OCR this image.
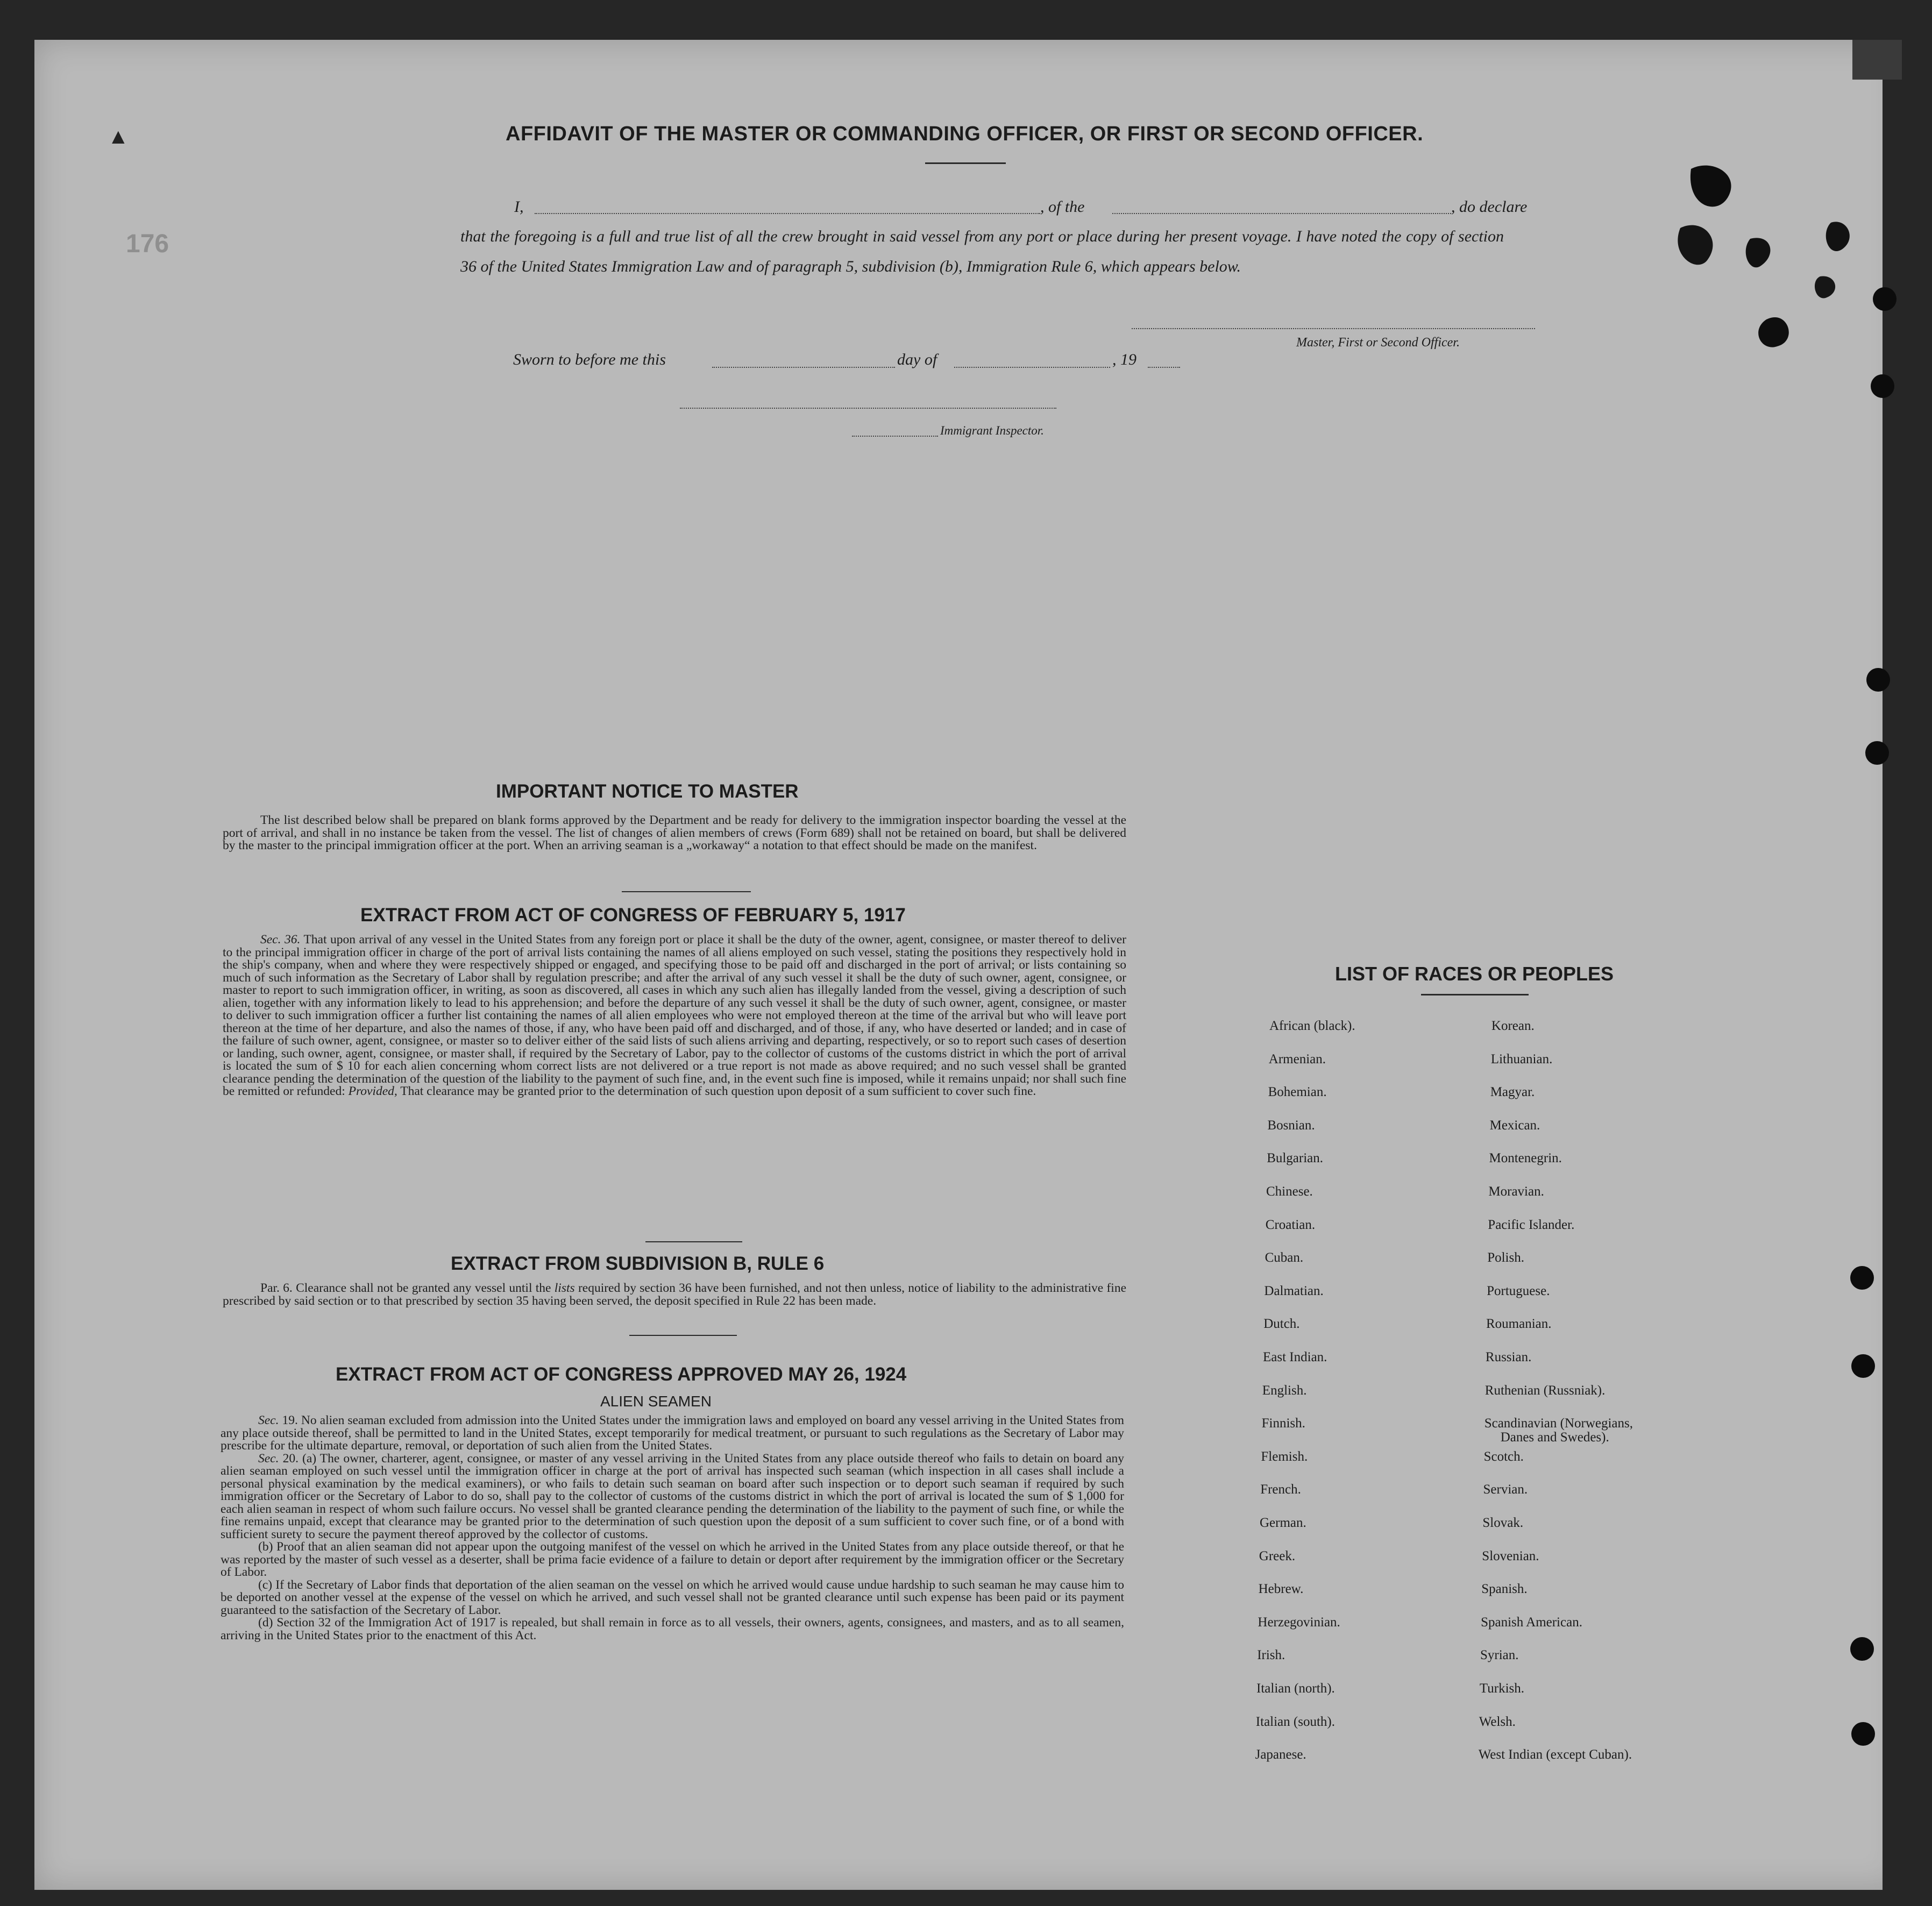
▲
176
AFFIDAVIT OF THE MASTER OR COMMANDING OFFICER, OR FIRST OR SECOND OFFICER.
I,	, of the	, do declare
that the foregoing is a full and true list of all the crew brought in said vessel from any port or place during her present voyage. I have noted the copy of section 36 of the United States Immigration Law and of paragraph 5, subdivision (b), Immigration Rule 6, which appears below.
Master, First or Second Officer.
Sworn to before me this	day of	, 19
Immigrant Inspector.
IMPORTANT NOTICE TO MASTER

The list described below shall be prepared on blank forms approved by the Department and be ready for delivery to the immigration inspector boarding the vessel at the port of arrival, and shall in no instance be taken from the vessel. The list of changes of alien members of crews (Form 689) shall not be retained on board, but shall be delivered by the master to the principal immigration officer at the port. When an arriving seaman is a „workaway“ a notation to that effect should be made on the manifest.

EXTRACT FROM ACT OF CONGRESS OF FEBRUARY 5, 1917

Sec. 36. That upon arrival of any vessel in the United States from any foreign port or place it shall be the duty of the owner, agent, consignee, or master thereof to deliver to the principal immigration officer in charge of the port of arrival lists containing the names of all aliens employed on such vessel, stating the positions they respectively hold in the ship's company, when and where they were respectively shipped or engaged, and specifying those to be paid off and discharged in the port of arrival; or lists containing so much of such information as the Secretary of Labor shall by regulation prescribe; and after the arrival of any such vessel it shall be the duty of such owner, agent, consignee, or master to report to such immigration officer, in writing, as soon as discovered, all cases in which any such alien has illegally landed from the vessel, giving a description of such alien, together with any information likely to lead to his apprehension; and before the departure of any such vessel it shall be the duty of such owner, agent, consignee, or master to deliver to such immigration officer a further list containing the names of all alien employees who were not employed thereon at the time of the arrival but who will leave port thereon at the time of her departure, and also the names of those, if any, who have been paid off and discharged, and of those, if any, who have deserted or landed; and in case of the failure of such owner, agent, consignee, or master so to deliver either of the said lists of such aliens arriving and departing, respectively, or so to report such cases of desertion or landing, such owner, agent, consignee, or master shall, if required by the Secretary of Labor, pay to the collector of customs of the customs district in which the port of arrival is located the sum of $ 10 for each alien concerning whom correct lists are not delivered or a true report is not made as above required; and no such vessel shall be granted clearance pending the determination of the question of the liability to the payment of such fine, and, in the event such fine is imposed, while it remains unpaid; nor shall such fine be remitted or refunded: Provided, That clearance may be granted prior to the determination of such question upon deposit of a sum sufficient to cover such fine.

EXTRACT FROM SUBDIVISION B, RULE 6

Par. 6. Clearance shall not be granted any vessel until the lists required by section 36 have been furnished, and not then unless, notice of liability to the administrative fine prescribed by said section or to that prescribed by section 35 having been served, the deposit specified in Rule 22 has been made.

EXTRACT FROM ACT OF CONGRESS APPROVED MAY 26, 1924
ALIEN SEAMEN

Sec. 19. No alien seaman excluded from admission into the United States under the immigration laws and employed on board any vessel arriving in the United States from any place outside thereof, shall be permitted to land in the United States, except temporarily for medical treatment, or pursuant to such regulations as the Secretary of Labor may prescribe for the ultimate departure, removal, or deportation of such alien from the United States.

Sec. 20. (a) The owner, charterer, agent, consignee, or master of any vessel arriving in the United States from any place outside thereof who fails to detain on board any alien seaman employed on such vessel until the immigration officer in charge at the port of arrival has inspected such seaman (which inspection in all cases shall include a personal physical examination by the medical examiners), or who fails to detain such seaman on board after such inspection or to deport such seaman if required by such immigration officer or the Secretary of Labor to do so, shall pay to the collector of customs of the customs district in which the port of arrival is located the sum of $ 1,000 for each alien seaman in respect of whom such failure occurs. No vessel shall be granted clearance pending the determination of the liability to the payment of such fine, or while the fine remains unpaid, except that clearance may be granted prior to the determination of such question upon the deposit of a sum sufficient to cover such fine, or of a bond with sufficient surety to secure the payment thereof approved by the collector of customs.

(b) Proof that an alien seaman did not appear upon the outgoing manifest of the vessel on which he arrived in the United States from any place outside thereof, or that he was reported by the master of such vessel as a deserter, shall be prima facie evidence of a failure to detain or deport after requirement by the immigration officer or the Secretary of Labor.

(c) If the Secretary of Labor finds that deportation of the alien seaman on the vessel on which he arrived would cause undue hardship to such seaman he may cause him to be deported on another vessel at the expense of the vessel on which he arrived, and such vessel shall not be granted clearance until such expense has been paid or its payment guaranteed to the satisfaction of the Secretary of Labor.

(d) Section 32 of the Immigration Act of 1917 is repealed, but shall remain in force as to all vessels, their owners, agents, consignees, and masters, and as to all seamen, arriving in the United States prior to the enactment of this Act.

LIST OF RACES OR PEOPLES
African (black).
Armenian.
Bohemian.
Bosnian.
Bulgarian.
Chinese.
Croatian.
Cuban.
Dalmatian.
Dutch.
East Indian.
English.
Finnish.
Flemish.
French.
German.
Greek.
Hebrew.
Herzegovinian.
Irish.
Italian (north).
Italian (south).
Japanese.
Korean.
Lithuanian.
Magyar.
Mexican.
Montenegrin.
Moravian.
Pacific Islander.
Polish.
Portuguese.
Roumanian.
Russian.
Ruthenian (Russniak).
Scandinavian (Norwegians,
Danes and Swedes).
Scotch.
Servian.
Slovak.
Slovenian.
Spanish.
Spanish American.
Syrian.
Turkish.
Welsh.
West Indian (except Cuban).
